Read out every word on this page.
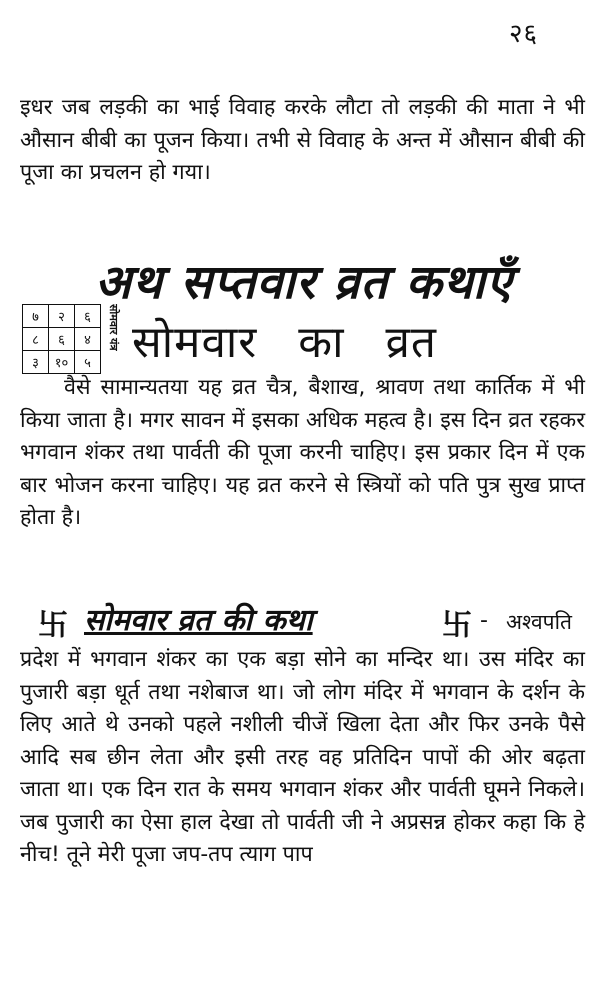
२६

इधर जब लड़की का भाई विवाह करके लौटा तो लड़की की माता ने भी औसान बीबी का पूजन किया। तभी से विवाह के अन्त में औसान बीबी की पूजा का प्रचलन हो गया।

अथ सप्तवार व्रत कथाएँ
७	२	६
८	६	४
३	१०	५
सोमवार यंत्र सोमवार का व्रत

वैसे सामान्यतया यह व्रत चैत्र, बैशाख, श्रावण तथा कार्तिक में भी किया जाता है। मगर सावन में इसका अधिक महत्व है। इस दिन व्रत रहकर भगवान शंकर तथा पार्वती की पूजा करनी चाहिए। इस प्रकार दिन में एक बार भोजन करना चाहिए। यह व्रत करने से स्त्रियों को पति पुत्र सुख प्राप्त होता है।

卐 सोमवार व्रत की कथा	卐 - अश्वपति

प्रदेश में भगवान शंकर का एक बड़ा सोने का मन्दिर था। उस मंदिर का पुजारी बड़ा धूर्त तथा नशेबाज था। जो लोग मंदिर में भगवान के दर्शन के लिए आते थे उनको पहले नशीली चीजें खिला देता और फिर उनके पैसे आदि सब छीन लेता और इसी तरह वह प्रतिदिन पापों की ओर बढ़ता जाता था। एक दिन रात के समय भगवान शंकर और पार्वती घूमने निकले। जब पुजारी का ऐसा हाल देखा तो पार्वती जी ने अप्रसन्न होकर कहा कि हे नीच! तूने मेरी पूजा जप-तप त्याग पाप
